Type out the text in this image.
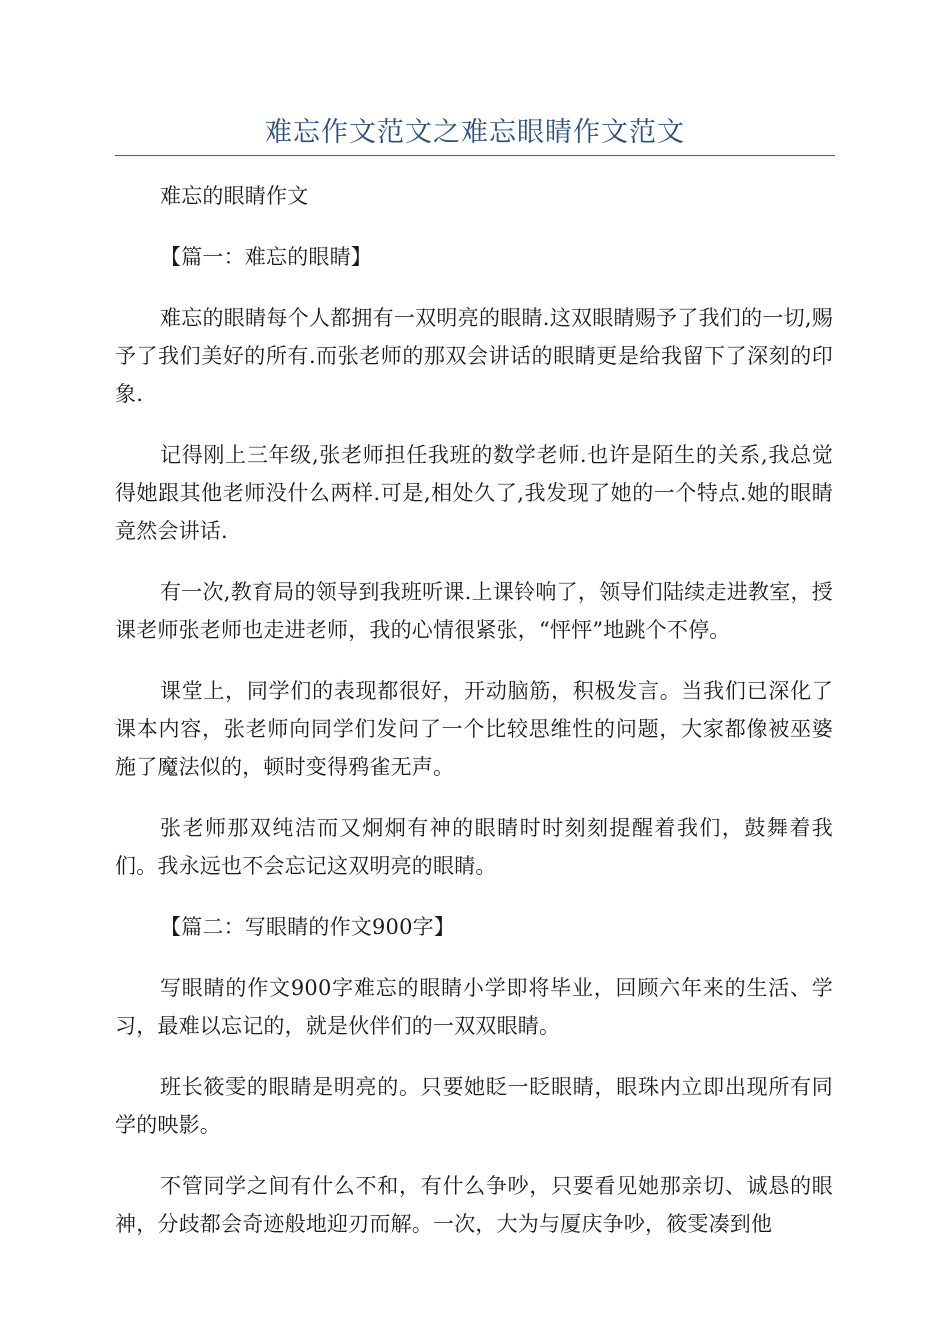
难忘作文范文之难忘眼睛作文范文

难忘的眼睛作文

【篇一：难忘的眼睛】

难忘的眼睛每个人都拥有一双明亮的眼睛.这双眼睛赐予了我们的一切,赐予了我们美好的所有.而张老师的那双会讲话的眼睛更是给我留下了深刻的印象.

记得刚上三年级,张老师担任我班的数学老师.也许是陌生的关系,我总觉得她跟其他老师没什么两样.可是,相处久了,我发现了她的一个特点.她的眼睛竟然会讲话.

有一次,教育局的领导到我班听课.上课铃响了，领导们陆续走进教室，授课老师张老师也走进老师，我的心情很紧张，“怦怦”地跳个不停。

课堂上，同学们的表现都很好，开动脑筋，积极发言。当我们已深化了课本内容，张老师向同学们发问了一个比较思维性的问题，大家都像被巫婆施了魔法似的，顿时变得鸦雀无声。

张老师那双纯洁而又炯炯有神的眼睛时时刻刻提醒着我们，鼓舞着我们。我永远也不会忘记这双明亮的眼睛。

【篇二：写眼睛的作文900字】

写眼睛的作文900字难忘的眼睛小学即将毕业，回顾六年来的生活、学习，最难以忘记的，就是伙伴们的一双双眼睛。

班长筱雯的眼睛是明亮的。只要她眨一眨眼睛，眼珠内立即出现所有同学的映影。

不管同学之间有什么不和，有什么争吵，只要看见她那亲切、诚恳的眼神，分歧都会奇迹般地迎刃而解。一次，大为与厦庆争吵，筱雯凑到他
